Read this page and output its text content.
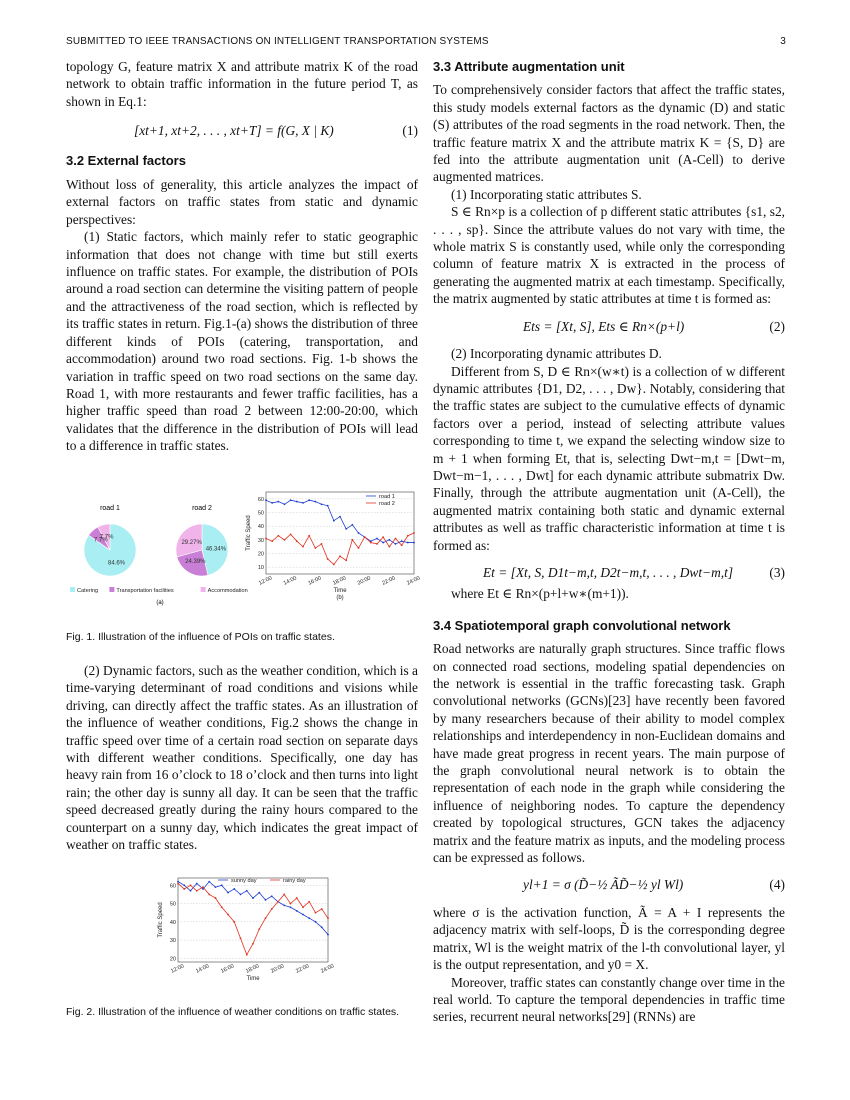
SUBMITTED TO IEEE TRANSACTIONS ON INTELLIGENT TRANSPORTATION SYSTEMS	3

topology G, feature matrix X and attribute matrix K of the road network to obtain traffic information in the future period T, as shown in Eq.1:

[xt+1, xt+2, . . . , xt+T] = f(G, X | K)	(1)

3.2 External factors

Without loss of generality, this article analyzes the impact of external factors on traffic states from static and dynamic perspectives:

(1) Static factors, which mainly refer to static geographic information that does not change with time but still exerts influence on traffic states. For example, the distribution of POIs around a road section can determine the visiting pattern of people and the attractiveness of the road section, which is reflected by its traffic states in return. Fig.1-(a) shows the distribution of three different kinds of POIs (catering, transportation, and accommodation) around two road sections. Fig. 1-b shows the variation in traffic speed on two road sections on the same day. Road 1, with more restaurants and fewer traffic facilities, has a higher traffic speed than road 2 between 12:00-20:00, which validates that the difference in the distribution of POIs will lead to a difference in traffic states.

road 1	road 2
84.6%
7.7%
7.7%
46.34%
24.39%
29.27%
Catering	Transportation facilities	Accommodation
(a)
10
20
30
40
50
60
12:00 14:00 16:00 18:00 20:00 22:00 24:00
Time
Traffic Speed
road 1
road 2
(b)
Fig. 1. Illustration of the influence of POIs on traffic states.

(2) Dynamic factors, such as the weather condition, which is a time-varying determinant of road conditions and visions while driving, can directly affect the traffic states. As an illustration of the influence of weather conditions, Fig.2 shows the change in traffic speed over time of a certain road section on separate days with different weather conditions. Specifically, one day has heavy rain from 16 o’clock to 18 o’clock and then turns into light rain; the other day is sunny all day. It can be seen that the traffic speed decreased greatly during the rainy hours compared to the counterpart on a sunny day, which indicates the great impact of weather on traffic states.

20
30
40
50
60
12:00 14:00 16:00 18:00 20:00 22:00 24:00
Time
Traffic Speed
sunny day	rainy day
Fig. 2. Illustration of the influence of weather conditions on traffic states.

3.3 Attribute augmentation unit

To comprehensively consider factors that affect the traffic states, this study models external factors as the dynamic (D) and static (S) attributes of the road segments in the road network. Then, the traffic feature matrix X and the attribute matrix K = {S, D} are fed into the attribute augmentation unit (A-Cell) to derive augmented matrices.

(1) Incorporating static attributes S.

S ∈ Rn×p is a collection of p different static attributes {s1, s2, . . . , sp}. Since the attribute values do not vary with time, the whole matrix S is constantly used, while only the corresponding column of feature matrix X is extracted in the process of generating the augmented matrix at each timestamp. Specifically, the matrix augmented by static attributes at time t is formed as:

Ets = [Xt, S], Ets ∈ Rn×(p+l)	(2)

(2) Incorporating dynamic attributes D.

Different from S, D ∈ Rn×(w∗t) is a collection of w different dynamic attributes {D1, D2, . . . , Dw}. Notably, considering that the traffic states are subject to the cumulative effects of dynamic factors over a period, instead of selecting attribute values corresponding to time t, we expand the selecting window size to m + 1 when forming Et, that is, selecting Dwt−m,t = [Dwt−m, Dwt−m−1, . . . , Dwt] for each dynamic attribute submatrix Dw. Finally, through the attribute augmentation unit (A-Cell), the augmented matrix containing both static and dynamic external attributes as well as traffic characteristic information at time t is formed as:

Et = [Xt, S, D1t−m,t, D2t−m,t, . . . , Dwt−m,t]	(3)

where Et ∈ Rn×(p+l+w∗(m+1)).

3.4 Spatiotemporal graph convolutional network

Road networks are naturally graph structures. Since traffic flows on connected road sections, modeling spatial dependencies on the network is essential in the traffic forecasting task. Graph convolutional networks (GCNs)[23] have recently been favored by many researchers because of their ability to model complex relationships and interdependency in non-Euclidean domains and have made great progress in recent years. The main purpose of the graph convolutional neural network is to obtain the representation of each node in the graph while considering the influence of neighboring nodes. To capture the dependency created by topological structures, GCN takes the adjacency matrix and the feature matrix as inputs, and the modeling process can be expressed as follows.

yl+1 = σ (D̃−½ ÃD̃−½ yl Wl)	(4)

where σ is the activation function, Ã = A + I represents the adjacency matrix with self-loops, D̃ is the corresponding degree matrix, Wl is the weight matrix of the l-th convolutional layer, yl is the output representation, and y0 = X.

Moreover, traffic states can constantly change over time in the real world. To capture the temporal dependencies in traffic time series, recurrent neural networks[29] (RNNs) are
